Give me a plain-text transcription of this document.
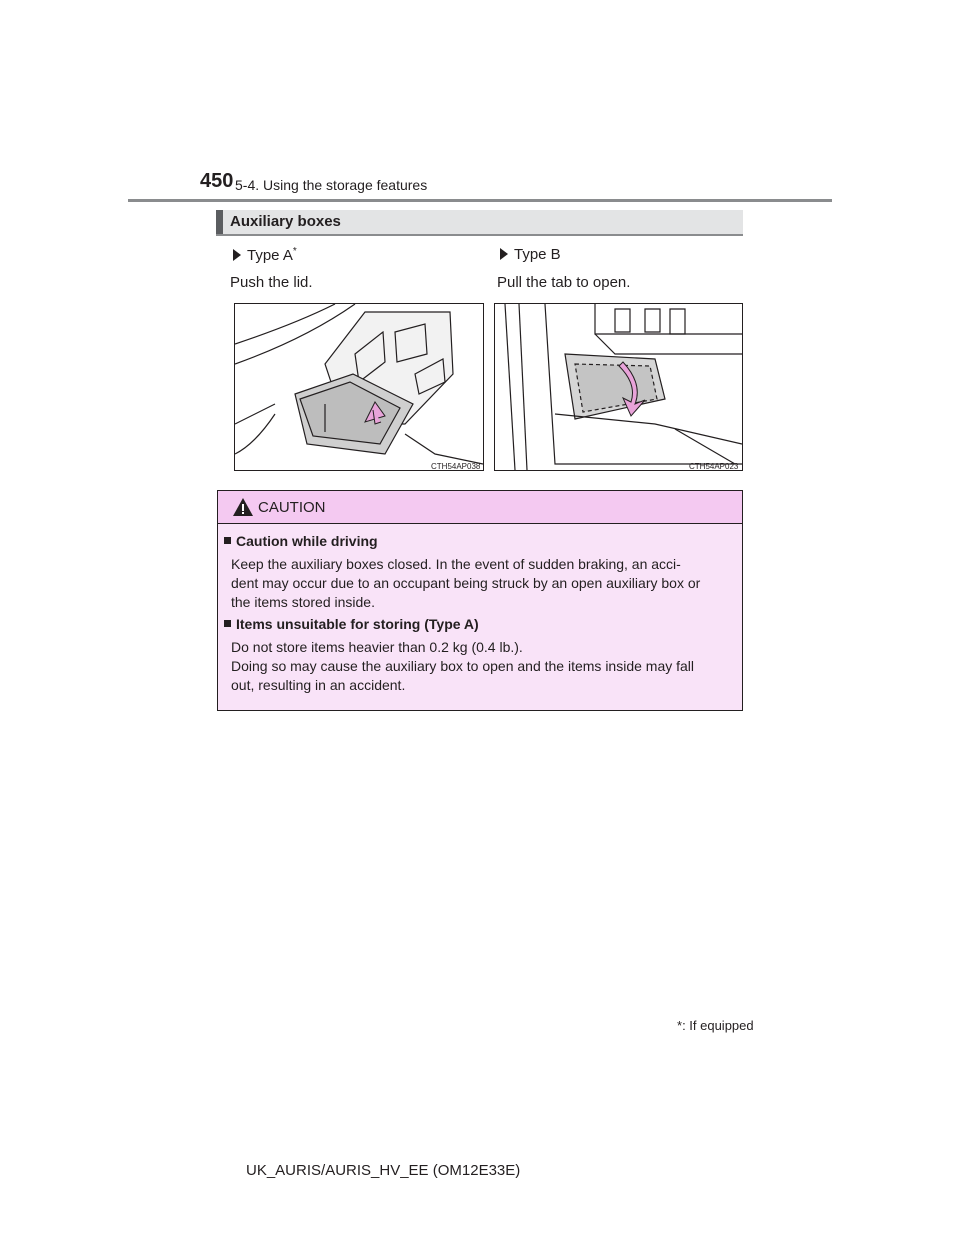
450 5-4. Using the storage features
Auxiliary boxes
Type A*
Push the lid.
Type B
Pull the tab to open.
CTH54AP038	CTH54AP023
CAUTION
Caution while driving
Keep the auxiliary boxes closed. In the event of sudden braking, an acci-
dent may occur due to an occupant being struck by an open auxiliary box or
the items stored inside.
Items unsuitable for storing (Type A)
Do not store items heavier than 0.2 kg (0.4 lb.).
Doing so may cause the auxiliary box to open and the items inside may fall
out, resulting in an accident.
*: If equipped
UK_AURIS/AURIS_HV_EE (OM12E33E)
